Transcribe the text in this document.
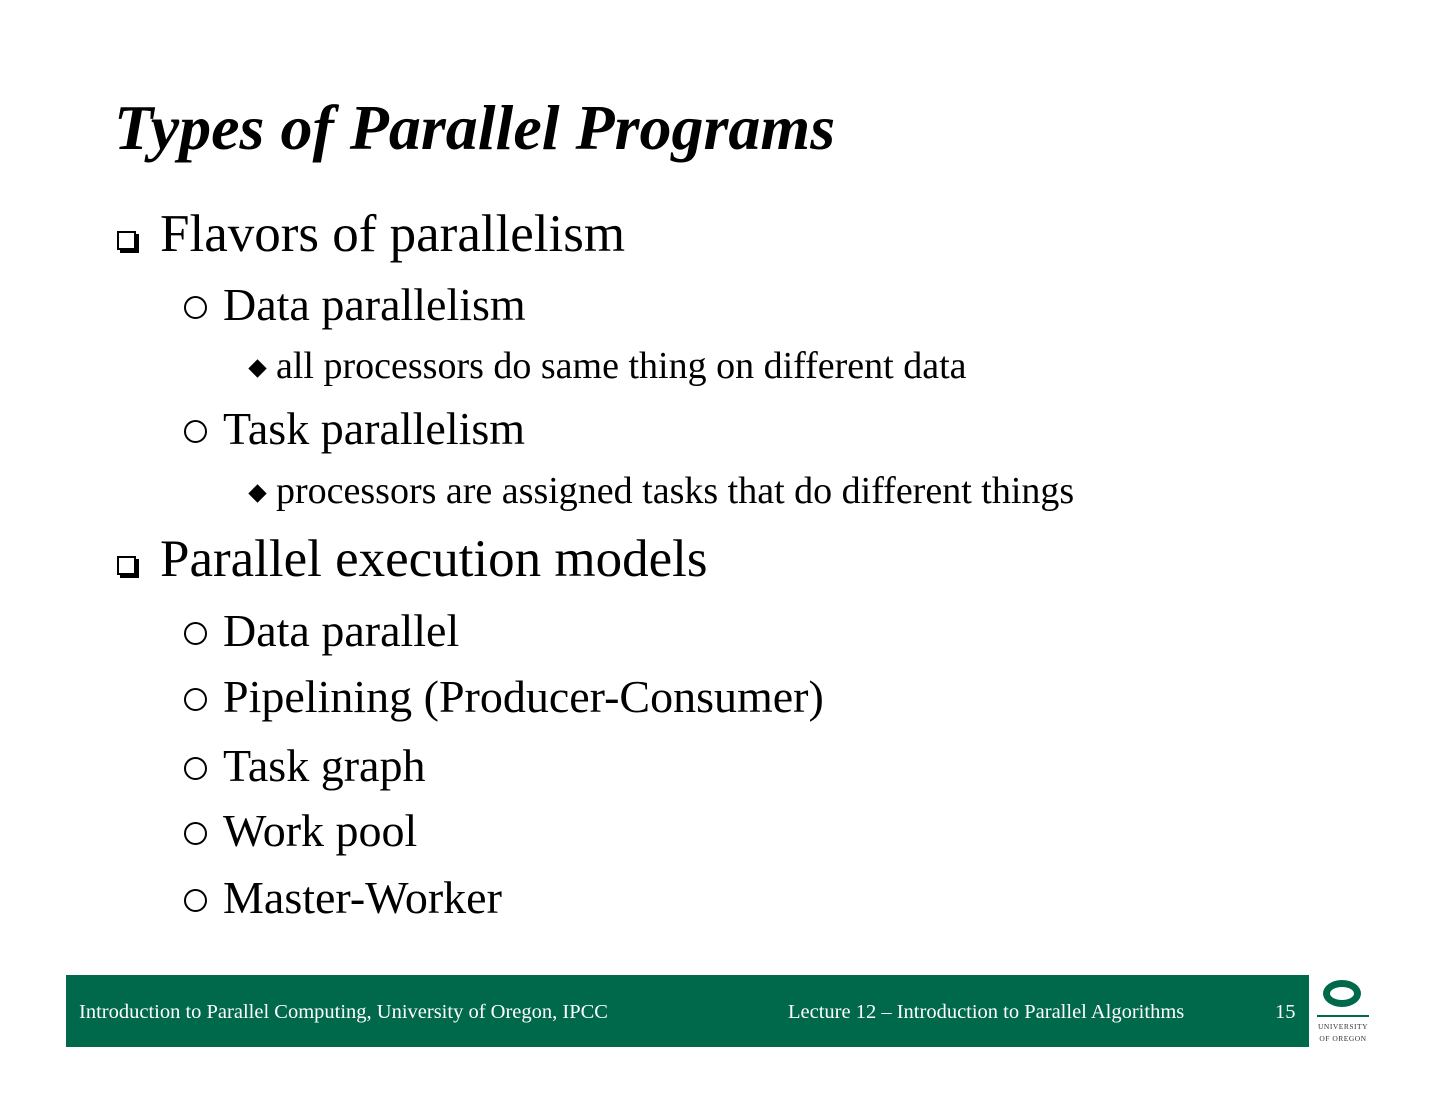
Types of Parallel Programs
Flavors of parallelism
Data parallelism
all processors do same thing on different data
Task parallelism
processors are assigned tasks that do different things
Parallel execution models
Data parallel
Pipelining (Producer-Consumer)
Task graph
Work pool
Master-Worker
Introduction to Parallel Computing, University of Oregon, IPCC	Lecture 12 – Introduction to Parallel Algorithms	15
UNIVERSITY
OF OREGON
